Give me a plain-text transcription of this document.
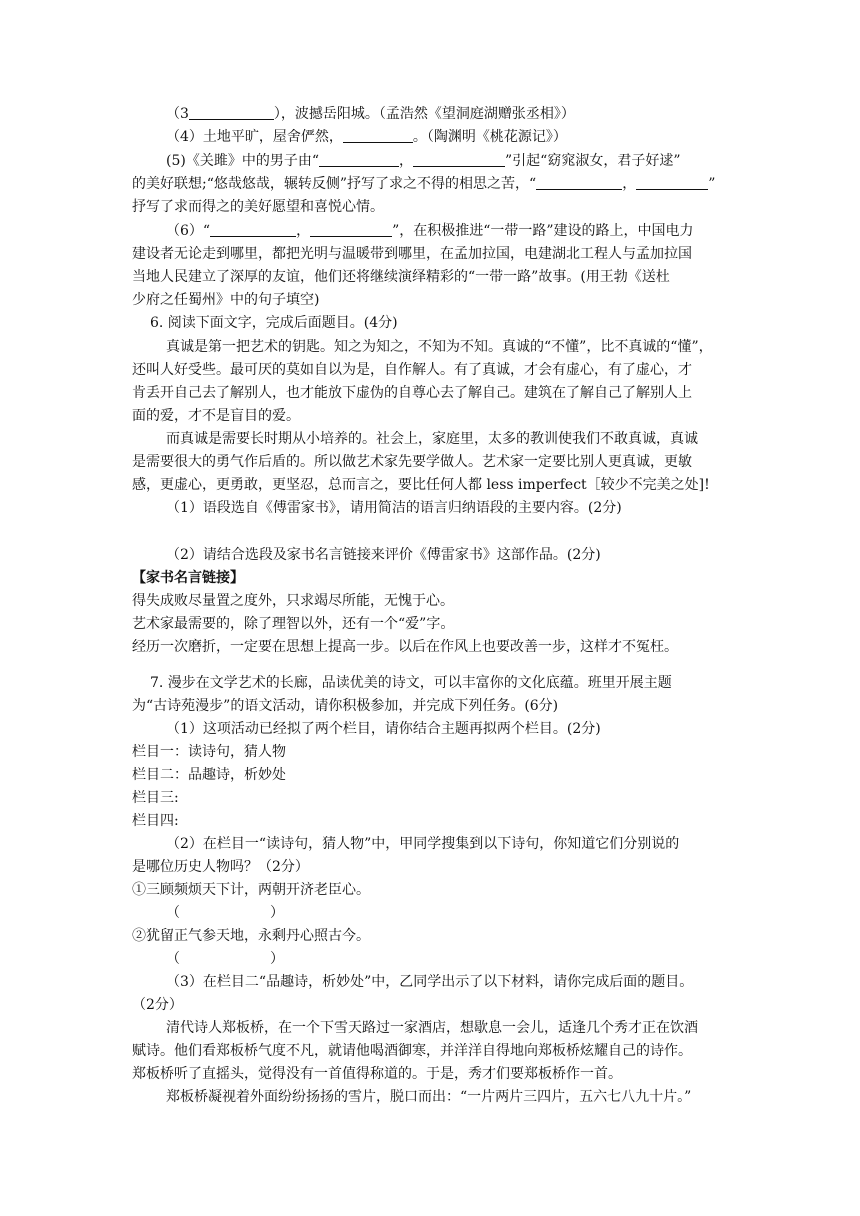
（3	），波撼岳阳城。（孟浩然《望洞庭湖赠张丞相》）
（4）土地平旷，屋舍俨然，	。（陶渊明《桃花源记》）
(5)《关雎》中的男子由“	，	”引起“窈窕淑女，君子好逑”
的美好联想;“悠哉悠哉，辗转反侧”抒写了求之不得的相思之苦，“	，	”
抒写了求而得之的美好愿望和喜悦心情。
（6）“	，	”，在积极推进“一带一路”建设的路上，中国电力
建设者无论走到哪里，都把光明与温暖带到哪里，在孟加拉国，电建湖北工程人与孟加拉国
当地人民建立了深厚的友谊，他们还将继续演绎精彩的“一带一路”故事。(用王勃《送杜
少府之任蜀州》中的句子填空)
6. 阅读下面文字，完成后面题目。(4分)
真诚是第一把艺术的钥匙。知之为知之，不知为不知。真诚的“不懂”，比不真诚的“懂”，
还叫人好受些。最可厌的莫如自以为是，自作解人。有了真诚，才会有虚心，有了虚心，才
肯丢开自己去了解别人，也才能放下虚伪的自尊心去了解自己。建筑在了解自己了解别人上
面的爱，才不是盲目的爱。
而真诚是需要长时期从小培养的。社会上，家庭里，太多的教训使我们不敢真诚，真诚
是需要很大的勇气作后盾的。所以做艺术家先要学做人。艺术家一定要比别人更真诚，更敏
感，更虚心，更勇敢，更坚忍，总而言之，要比任何人都 less imperfect［较少不完美之处]!
（1）语段选自《傅雷家书》，请用简洁的语言归纳语段的主要内容。(2分)
（2）请结合选段及家书名言链接来评价《傅雷家书》这部作品。(2分)
【家书名言链接】
得失成败尽量置之度外，只求竭尽所能，无愧于心。
艺术家最需要的，除了理智以外，还有一个“爱”字。
经历一次磨折，一定要在思想上提高一步。以后在作风上也要改善一步，这样才不冤枉。
7. 漫步在文学艺术的长廊，品读优美的诗文，可以丰富你的文化底蕴。班里开展主题
为“古诗苑漫步”的语文活动，请你积极参加，并完成下列任务。(6分)
（1）这项活动已经拟了两个栏目，请你结合主题再拟两个栏目。(2分)
栏目一：读诗句，猜人物
栏目二：品趣诗，析妙处
栏目三:
栏目四:
（2）在栏目一“读诗句，猜人物”中，甲同学搜集到以下诗句，你知道它们分别说的
是哪位历史人物吗？（2分）
①三顾频烦天下计，两朝开济老臣心。
（	）
②犹留正气参天地，永剩丹心照古今。
（	）
（3）在栏目二“品趣诗，析妙处”中，乙同学出示了以下材料，请你完成后面的题目。
（2分）
清代诗人郑板桥，在一个下雪天路过一家酒店，想歇息一会儿，适逢几个秀才正在饮酒
赋诗。他们看郑板桥气度不凡，就请他喝酒御寒，并洋洋自得地向郑板桥炫耀自己的诗作。
郑板桥听了直摇头，觉得没有一首值得称道的。于是，秀才们要郑板桥作一首。
郑板桥凝视着外面纷纷扬扬的雪片，脱口而出：“一片两片三四片，五六七八九十片。”
